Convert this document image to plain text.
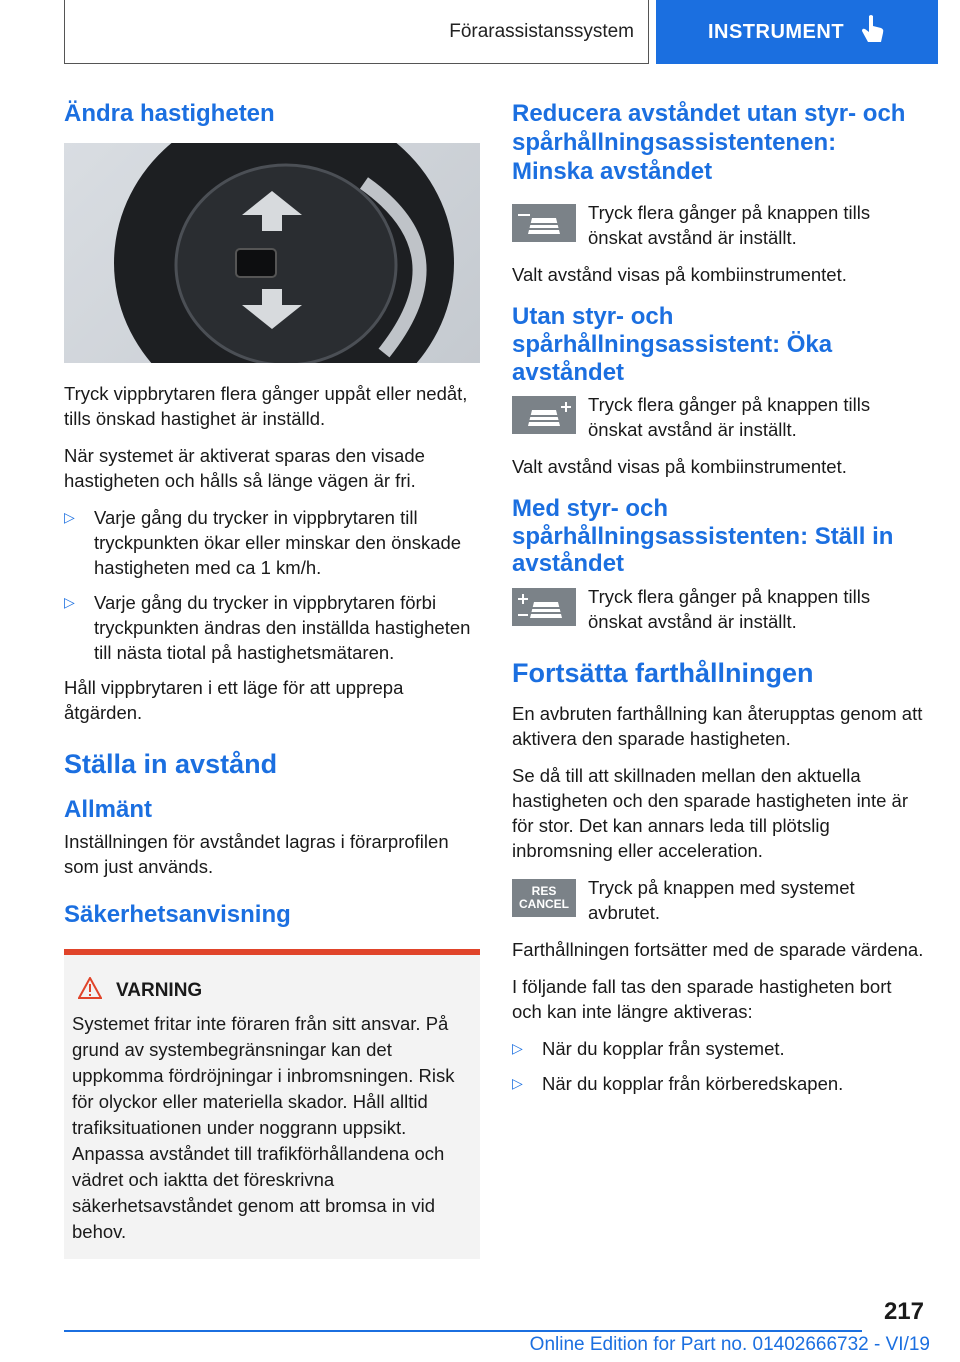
Förarassistanssystem	INSTRUMENT
Ändra hastigheten

Tryck vippbrytaren flera gånger uppåt eller nedåt, tills önskad hastighet är inställd.

När systemet är aktiverat sparas den visade hastigheten och hålls så länge vägen är fri.

▷ Varje gång du trycker in vippbrytaren till tryckpunkten ökar eller minskar den önskade hastigheten med ca 1 km/h.
▷ Varje gång du trycker in vippbrytaren förbi tryckpunkten ändras den inställda hastigheten till nästa tiotal på hastighetsmätaren.

Håll vippbrytaren i ett läge för att upprepa åtgärden.

Ställa in avstånd
Allmänt

Inställningen för avståndet lagras i förarprofilen som just används.

Säkerhetsanvisning
VARNING

Systemet fritar inte föraren från sitt ansvar. På grund av systembegränsningar kan det uppkomma fördröjningar i inbromsningen. Risk för olyckor eller materiella skador. Håll alltid trafiksituationen under noggrann uppsikt. Anpassa avståndet till trafikförhållandena och vädret och iaktta det föreskrivna säkerhetsavståndet genom att bromsa in vid behov.

Reducera avståndet utan styr- och spårhållningsassistentenen: Minska avståndet

Tryck flera gånger på knappen tills önskat avstånd är inställt.

Valt avstånd visas på kombiinstrumentet.

Utan styr- och spårhållningsassistent: Öka avståndet

Tryck flera gånger på knappen tills önskat avstånd är inställt.

Valt avstånd visas på kombiinstrumentet.

Med styr- och spårhållningsassistenten: Ställ in avståndet

Tryck flera gånger på knappen tills önskat avstånd är inställt.

Fortsätta farthållningen

En avbruten farthållning kan återupptas genom att aktivera den sparade hastigheten.

Se då till att skillnaden mellan den aktuella hastigheten och den sparade hastigheten inte är för stor. Det kan annars leda till plötslig inbromsning eller acceleration.

RES
CANCEL

Tryck på knappen med systemet avbrutet.

Farthållningen fortsätter med de sparade värdena.

I följande fall tas den sparade hastigheten bort och kan inte längre aktiveras:

▷ När du kopplar från systemet.
▷ När du kopplar från körberedskapen.
217
Online Edition for Part no. 01402666732 - VI/19
